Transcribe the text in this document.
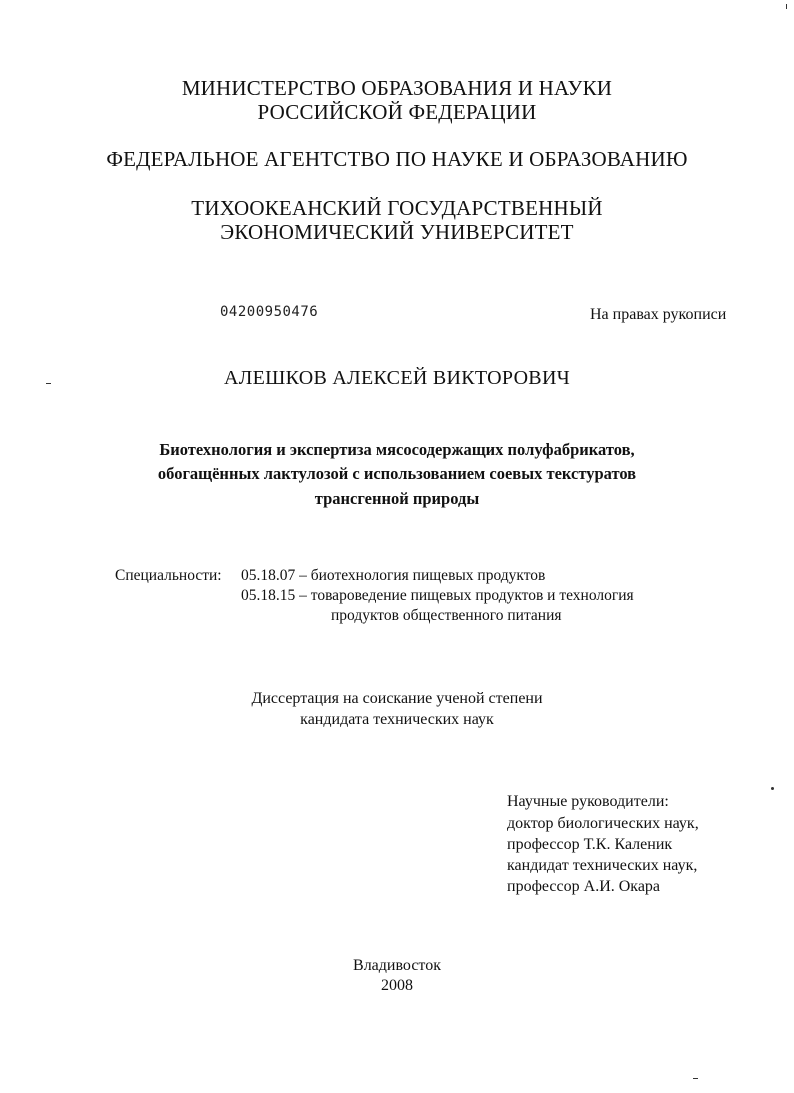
МИНИСТЕРСТВО ОБРАЗОВАНИЯ И НАУКИ
РОССИЙСКОЙ ФЕДЕРАЦИИ
ФЕДЕРАЛЬНОЕ АГЕНТСТВО ПО НАУКЕ И ОБРАЗОВАНИЮ
ТИХООКЕАНСКИЙ ГОСУДАРСТВЕННЫЙ
ЭКОНОМИЧЕСКИЙ УНИВЕРСИТЕТ
04200950476	На правах рукописи
АЛЕШКОВ АЛЕКСЕЙ ВИКТОРОВИЧ
Биотехнология и экспертиза мясосодержащих полуфабрикатов,
обогащённых лактулозой с использованием соевых текстуратов
трансгенной природы
Специальности: 05.18.07 – биотехнология пищевых продуктов
05.18.15 – товароведение пищевых продуктов и технология
продуктов общественного питания
Диссертация на соискание ученой степени
кандидата технических наук
Научные руководители:
доктор биологических наук,
профессор Т.К. Каленик
кандидат технических наук,
профессор А.И. Окара
Владивосток
2008
